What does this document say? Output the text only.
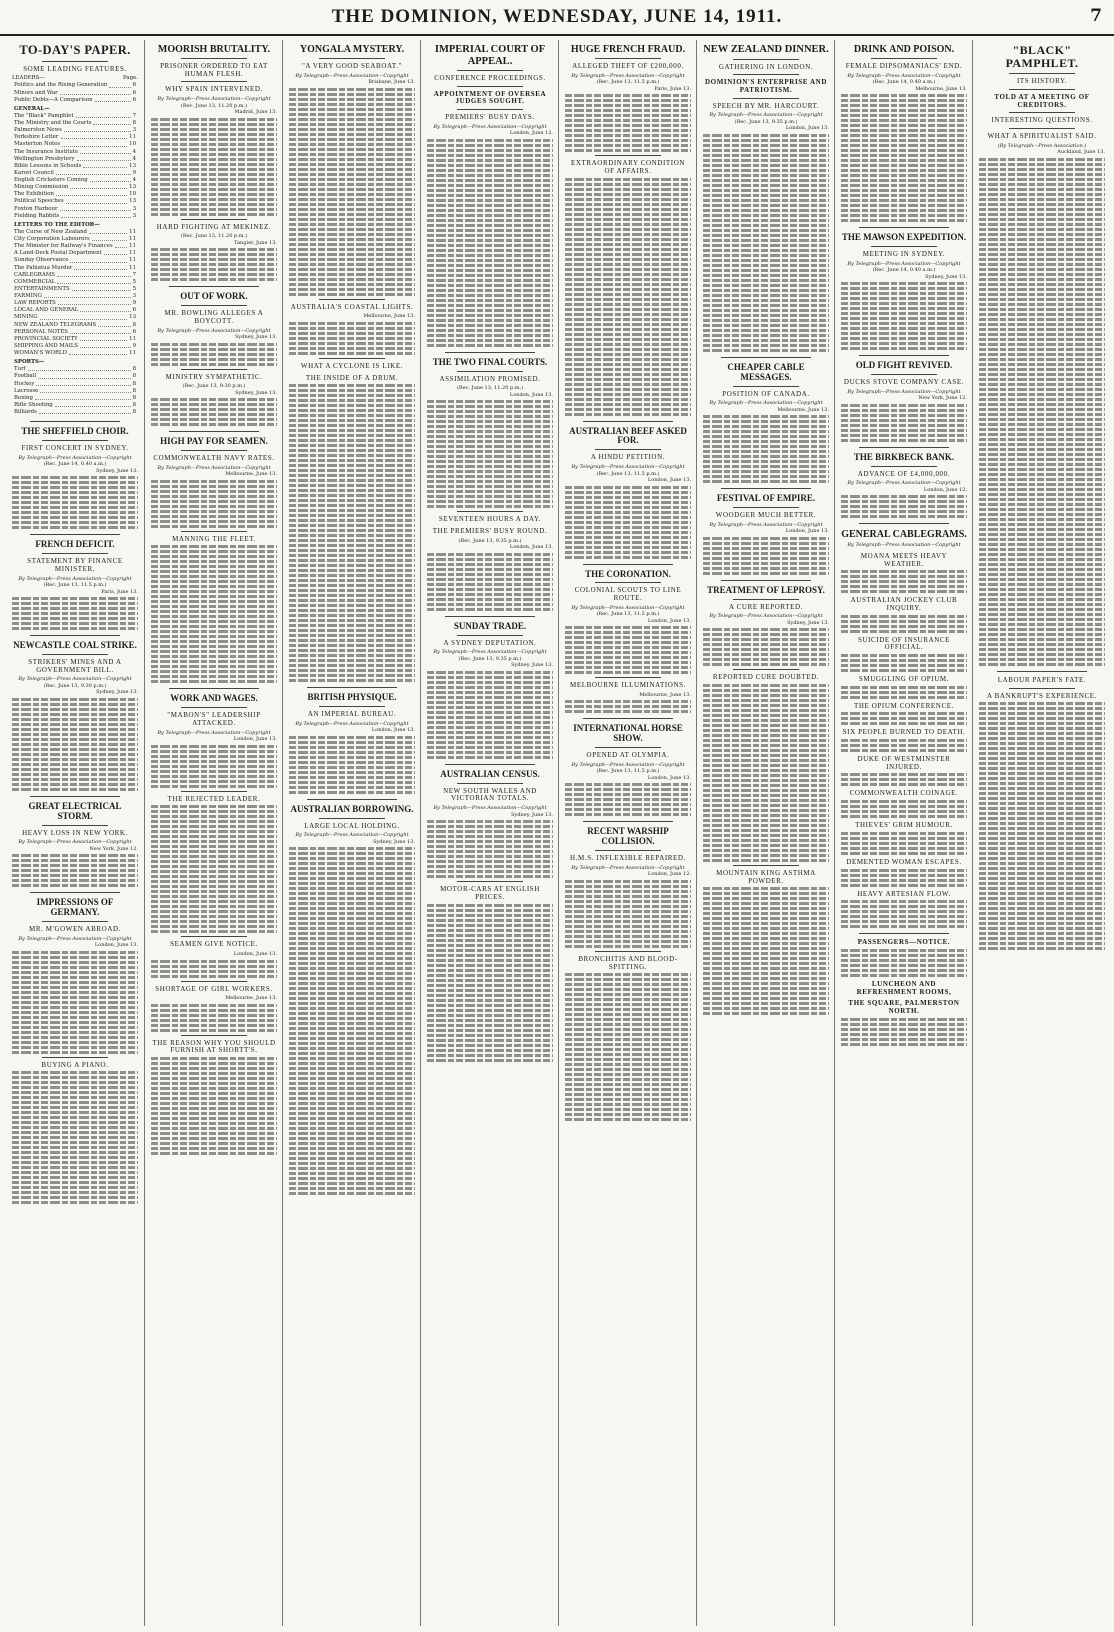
THE DOMINION, WEDNESDAY, JUNE 14, 1911.	7
TO-DAY'S PAPER.
SOME LEADING FEATURES.
LEADERS—	Page.
Politics and the Rising Generation	6
Minors and War	6
Public Debts—A Comparison	6
GENERAL—
The "Black" Pamphlet	7
The Ministry and the Courts	8
Palmerston News	3
Yorkshire Letter	11
Masterton Notes	10
The Insurance Institute	4
Wellington Presbytery	4
Bible Lessons in Schools	13
Karori Council	9
English Cricketers Coming	4
Mining Commission	13
The Exhibition	10
Political Speeches	13
Foxton Harbour	3
Fielding Rabbits	3
LETTERS TO THE EDITOR—
The Curse of New Zealand	11
City Corporation Labourers	11
The Minister for Railway's Finances	11
A Land-Deck Postal Department	11
Sunday Observance	11
The Pahiatua Murder	11
CABLEGRAMS	7
COMMERCIAL	5
ENTERTAINMENTS	5
FARMING	3
LAW REPORTS	9
LOCAL AND GENERAL	6
MINING	13
NEW ZEALAND TELEGRAMS	8
PERSONAL NOTES	6
PROVINCIAL SOCIETY	11
SHIPPING AND MAILS	9
WOMAN'S WORLD	11
SPORTS—
Turf	8
Football	8
Hockey	8
Lacrosse	8
Boxing	8
Rifle Shooting	8
Billiards	8
THE SHEFFIELD CHOIR.
FIRST CONCERT IN SYDNEY.
By Telegraph—Press Association—Copyright
(Rec. June 14, 0.40 a.m.)
Sydney, June 13.
FRENCH DEFICIT.
STATEMENT BY FINANCE MINISTER.
By Telegraph—Press Association—Copyright
(Rec. June 13, 11.5 p.m.)
Paris, June 13.
NEWCASTLE COAL STRIKE.
STRIKERS' MINES AND A GOVERNMENT BILL.
By Telegraph—Press Association—Copyright
(Rec. June 13, 9.30 p.m.)
Sydney, June 13.
GREAT ELECTRICAL STORM.
HEAVY LOSS IN NEW YORK.
By Telegraph—Press Association—Copyright
New York, June 12.
IMPRESSIONS OF GERMANY.
MR. M'GOWEN ABROAD.
By Telegraph—Press Association—Copyright
London, June 13.
BUYING A PIANO.
MOORISH BRUTALITY.
PRISONER ORDERED TO EAT HUMAN FLESH.
WHY SPAIN INTERVENED.
By Telegraph—Press Association—Copyright
(Rec. June 13, 11.20 p.m.)
Madrid, June 13.
HARD FIGHTING AT MEKINEZ.
(Rec. June 13, 11.20 p.m.)
Tangier, June 13.
OUT OF WORK.
MR. BOWLING ALLEGES A BOYCOTT.
By Telegraph—Press Association—Copyright
Sydney, June 13.
MINISTRY SYMPATHETIC.
(Rec. June 13, 9.30 p.m.)
Sydney, June 13.
HIGH PAY FOR SEAMEN.
COMMONWEALTH NAVY RATES.
By Telegraph—Press Association—Copyright
Melbourne, June 13.
MANNING THE FLEET.
WORK AND WAGES.
"MABON'S" LEADERSHIP ATTACKED.
By Telegraph—Press Association—Copyright
London, June 13.
THE REJECTED LEADER.
SEAMEN GIVE NOTICE.
London, June 13.
SHORTAGE OF GIRL WORKERS.
Melbourne, June 13.
THE REASON WHY YOU SHOULD FURNISH AT SHORTT'S.
YONGALA MYSTERY.
"A VERY GOOD SEABOAT."
By Telegraph—Press Association—Copyright
Brisbane, June 13.
AUSTRALIA'S COASTAL LIGHTS.
Melbourne, June 13.
WHAT A CYCLONE IS LIKE.
THE INSIDE OF A DRUM.
BRITISH PHYSIQUE.
AN IMPERIAL BUREAU.
By Telegraph—Press Association—Copyright
London, June 13.
AUSTRALIAN BORROWING.
LARGE LOCAL HOLDING.
By Telegraph—Press Association—Copyright
Sydney, June 13.
IMPERIAL COURT OF APPEAL.
CONFERENCE PROCEEDINGS.
APPOINTMENT OF OVERSEA JUDGES SOUGHT.
PREMIERS' BUSY DAYS.
By Telegraph—Press Association—Copyright
London, June 12.
THE TWO FINAL COURTS.
ASSIMILATION PROMISED.
(Rec. June 13, 11.20 p.m.)
London, June 13.
SEVENTEEN HOURS A DAY.
THE PREMIERS' BUSY ROUND.
(Rec. June 13, 9.35 p.m.)
London, June 13.
SUNDAY TRADE.
A SYDNEY DEPUTATION.
By Telegraph—Press Association—Copyright
(Rec. June 13, 9.35 p.m.)
Sydney, June 13.
AUSTRALIAN CENSUS.
NEW SOUTH WALES AND VICTORIAN TOTALS.
By Telegraph—Press Association—Copyright
Sydney, June 13.
MOTOR-CARS AT ENGLISH PRICES.
HUGE FRENCH FRAUD.
ALLEGED THEFT OF £200,000.
By Telegraph—Press Association—Copyright
(Rec. June 13, 11.5 p.m.)
Paris, June 13.
EXTRAORDINARY CONDITION OF AFFAIRS.
AUSTRALIAN BEEF ASKED FOR.
A HINDU PETITION.
By Telegraph—Press Association—Copyright
(Rec. June 13, 11.5 p.m.)
London, June 13.
THE CORONATION.
COLONIAL SCOUTS TO LINE ROUTE.
By Telegraph—Press Association—Copyright
(Rec. June 13, 11.5 p.m.)
London, June 13.
MELBOURNE ILLUMINATIONS.
Melbourne, June 13.
INTERNATIONAL HORSE SHOW.
OPENED AT OLYMPIA.
By Telegraph—Press Association—Copyright
(Rec. June 13, 11.5 p.m.)
London, June 13.
RECENT WARSHIP COLLISION.
H.M.S. INFLEXIBLE REPAIRED.
By Telegraph—Press Association—Copyright
London, June 12.
BRONCHITIS AND BLOOD-SPITTING.
NEW ZEALAND DINNER.
GATHERING IN LONDON.
DOMINION'S ENTERPRISE AND PATRIOTISM.
SPEECH BY MR. HARCOURT.
By Telegraph—Press Association—Copyright
(Rec. June 13, 9.35 p.m.)
London, June 13.
CHEAPER CABLE MESSAGES.
POSITION OF CANADA.
By Telegraph—Press Association—Copyright
Melbourne, June 13.
FESTIVAL OF EMPIRE.
WOODGER MUCH BETTER.
By Telegraph—Press Association—Copyright
London, June 13.
TREATMENT OF LEPROSY.
A CURE REPORTED.
By Telegraph—Press Association—Copyright
Sydney, June 13.
REPORTED CURE DOUBTED.
MOUNTAIN KING ASTHMA POWDER.
DRINK AND POISON.
FEMALE DIPSOMANIACS' END.
By Telegraph—Press Association—Copyright
(Rec. June 14, 0.40 a.m.)
Melbourne, June 13.
THE MAWSON EXPEDITION.
MEETING IN SYDNEY.
By Telegraph—Press Association—Copyright
(Rec. June 14, 0.40 a.m.)
Sydney, June 13.
OLD FIGHT REVIVED.
DUCKS STOVE COMPANY CASE.
By Telegraph—Press Association—Copyright
New York, June 12.
THE BIRKBECK BANK.
ADVANCE OF £4,000,000.
By Telegraph—Press Association—Copyright
London, June 12.
GENERAL CABLEGRAMS.
By Telegraph—Press Association—Copyright
MOANA MEETS HEAVY WEATHER.
AUSTRALIAN JOCKEY CLUB INQUIRY.
SUICIDE OF INSURANCE OFFICIAL.
SMUGGLING OF OPIUM.
THE OPIUM CONFERENCE.
SIX PEOPLE BURNED TO DEATH.
DUKE OF WESTMINSTER INJURED.
COMMONWEALTH COINAGE.
THIEVES' GRIM HUMOUR.
DEMENTED WOMAN ESCAPES.
HEAVY ARTESIAN FLOW.
PASSENGERS—NOTICE.
LUNCHEON AND REFRESHMENT ROOMS,
THE SQUARE, PALMERSTON NORTH.
"BLACK" PAMPHLET.
ITS HISTORY.
TOLD AT A MEETING OF CREDITORS.
INTERESTING QUESTIONS.
WHAT A SPIRITUALIST SAID.
(By Telegraph—Press Association.)
Auckland, June 13.
LABOUR PAPER'S FATE.
A BANKRUPT'S EXPERIENCE.
